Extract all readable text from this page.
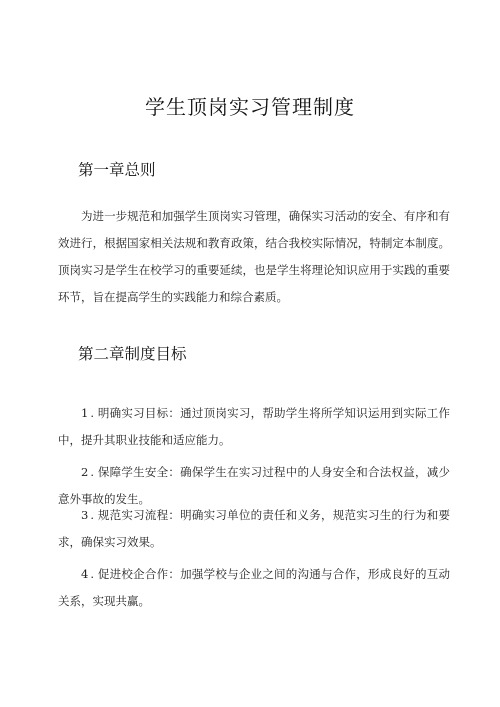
学生顶岗实习管理制度
第一章总则
为进一步规范和加强学生顶岗实习管理，确保实习活动的安全、有序和有效进行，根据国家相关法规和教育政策，结合我校实际情况，特制定本制度。顶岗实习是学生在校学习的重要延续，也是学生将理论知识应用于实践的重要环节，旨在提高学生的实践能力和综合素质。
第二章制度目标
1 . 明确实习目标：通过顶岗实习，帮助学生将所学知识运用到实际工作中，提升其职业技能和适应能力。
2 . 保障学生安全：确保学生在实习过程中的人身安全和合法权益，减少意外事故的发生。
3 . 规范实习流程：明确实习单位的责任和义务，规范实习生的行为和要求，确保实习效果。
4 . 促进校企合作：加强学校与企业之间的沟通与合作，形成良好的互动关系，实现共赢。
